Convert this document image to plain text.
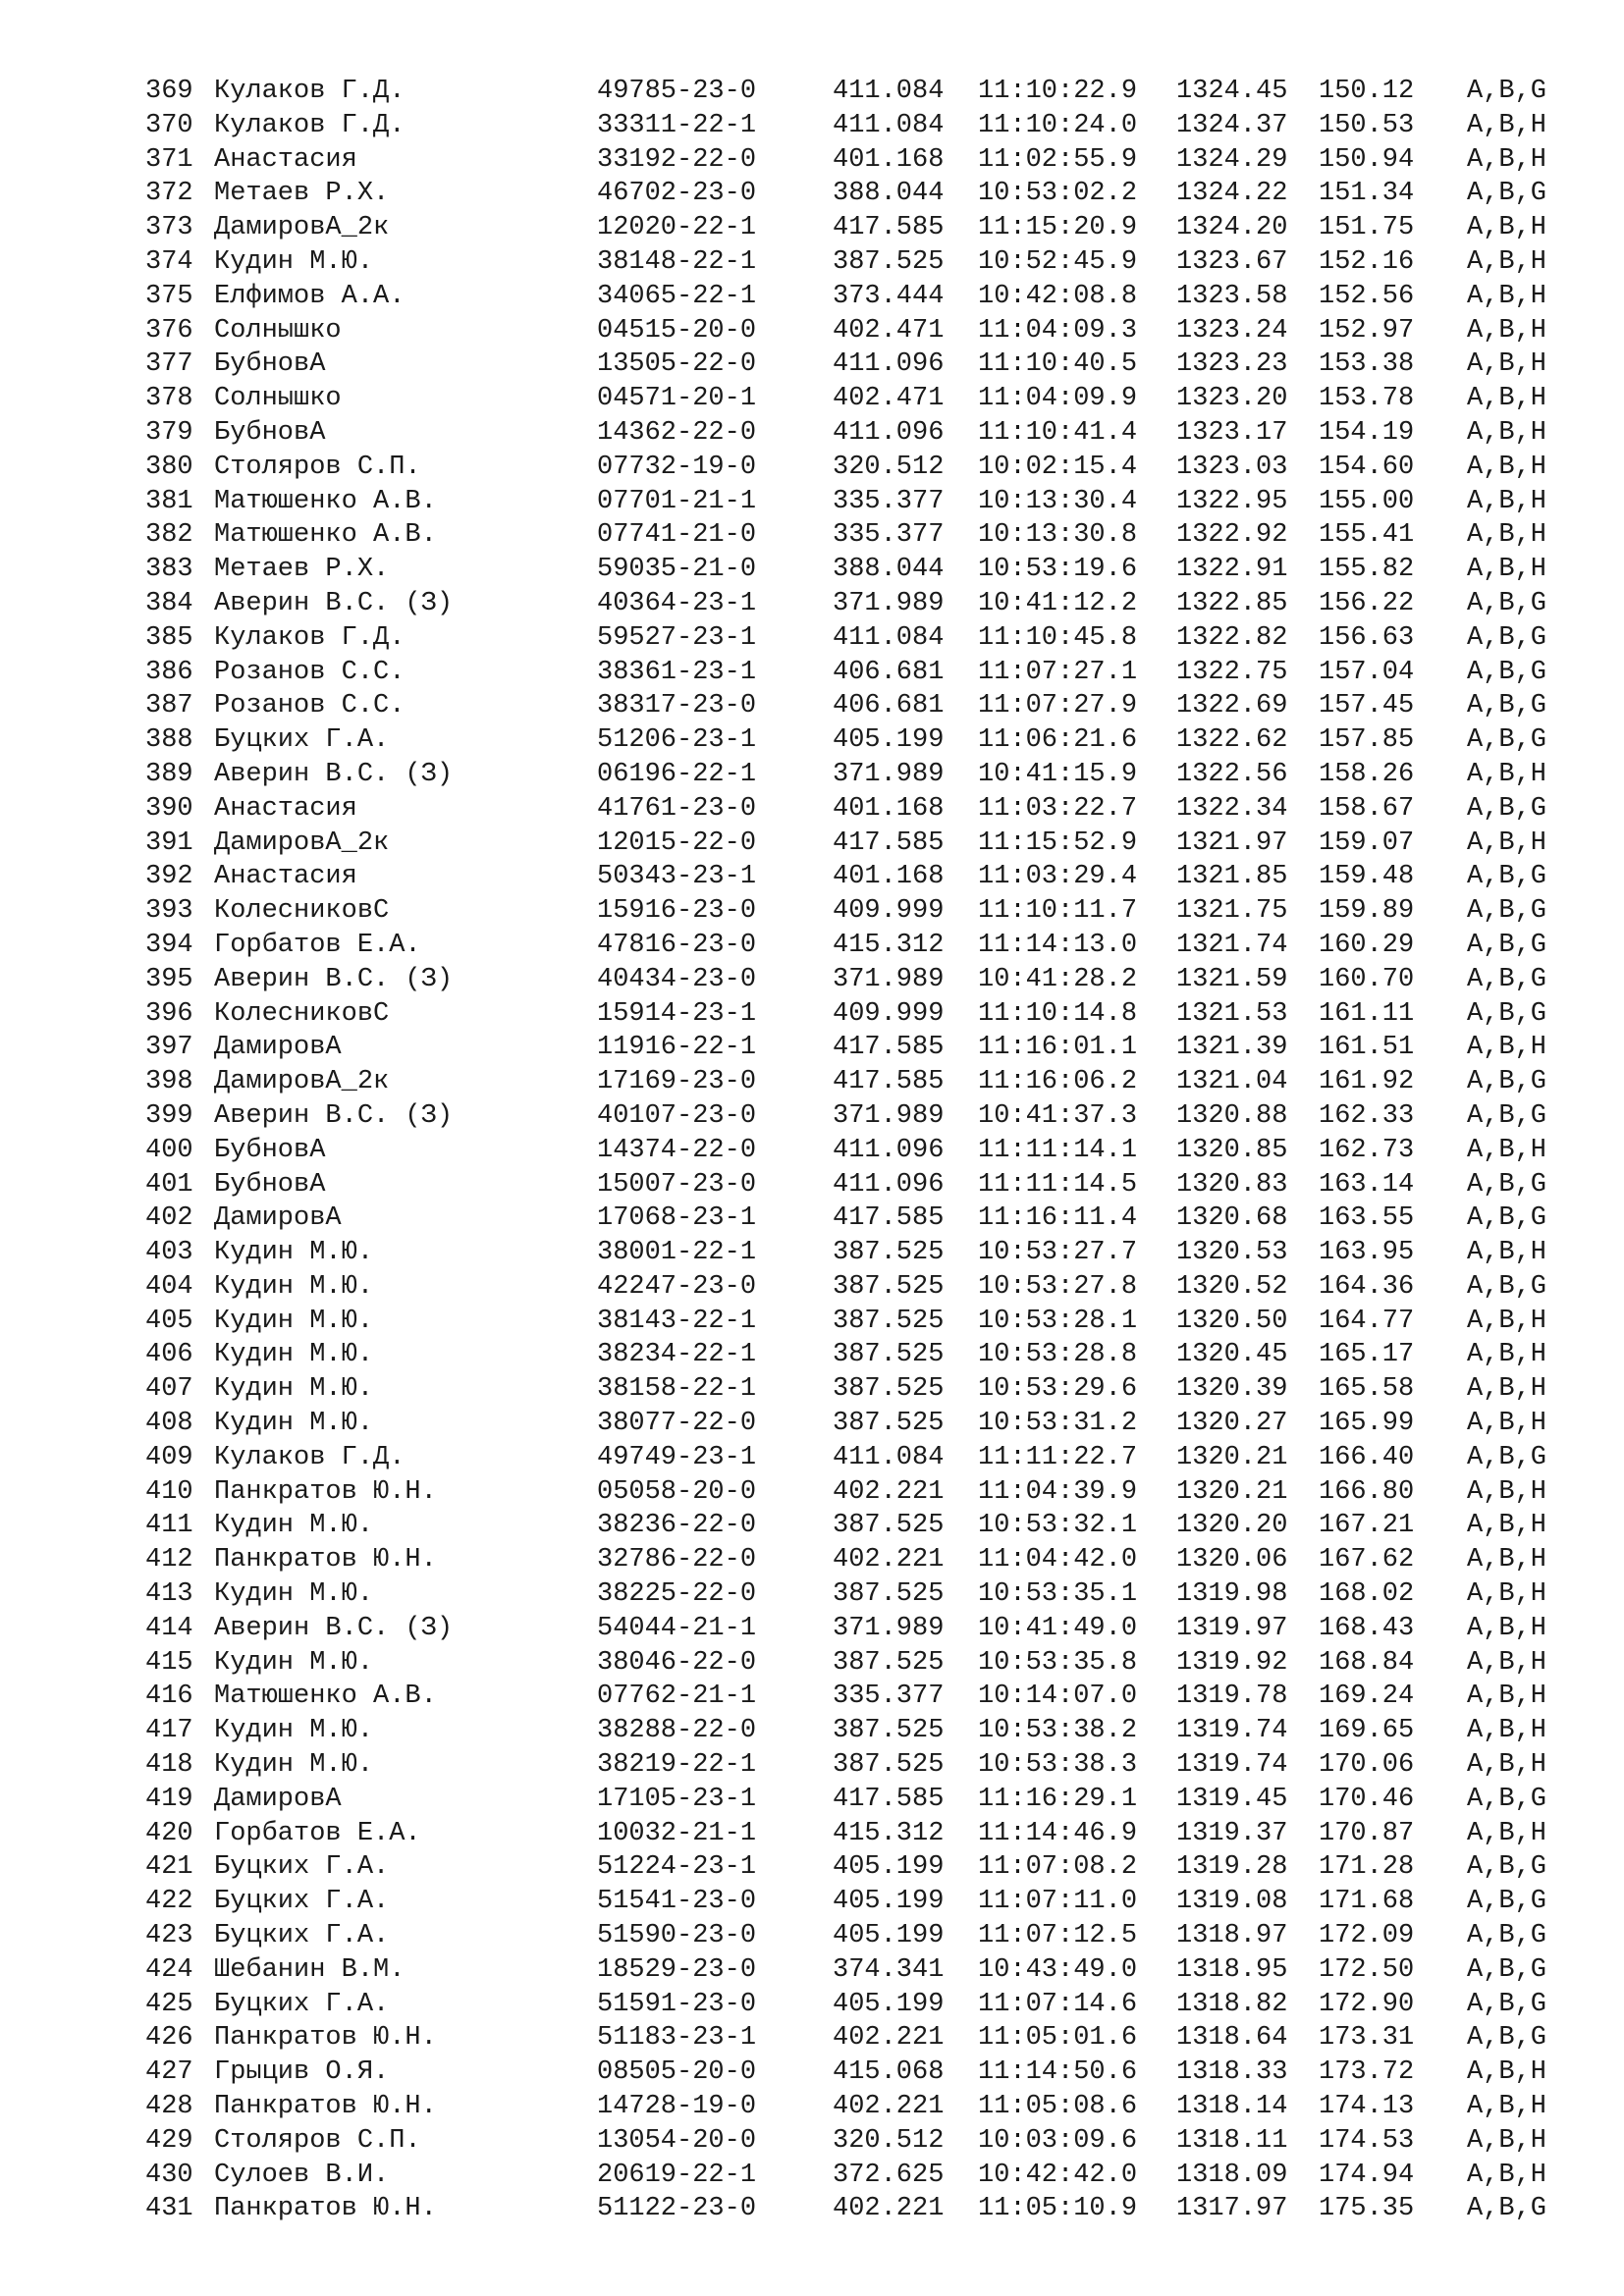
369 Кулаков Г.Д.	49785-23-0	411.084 11:10:22.9 1324.45 150.12 A,B,G
370 Кулаков Г.Д.	33311-22-1	411.084 11:10:24.0 1324.37 150.53 A,B,H
371 Анастасия	33192-22-0	401.168 11:02:55.9 1324.29 150.94 A,B,H
372 Метаев Р.Х.	46702-23-0	388.044 10:53:02.2 1324.22 151.34 A,B,G
373 ДамировА_2к	12020-22-1	417.585 11:15:20.9 1324.20 151.75 A,B,H
374 Кудин М.Ю.	38148-22-1	387.525 10:52:45.9 1323.67 152.16 A,B,H
375 Елфимов А.А.	34065-22-1	373.444 10:42:08.8 1323.58 152.56 A,B,H
376 Солнышко	04515-20-0	402.471 11:04:09.3 1323.24 152.97 A,B,H
377 БубновА	13505-22-0	411.096 11:10:40.5 1323.23 153.38 A,B,H
378 Солнышко	04571-20-1	402.471 11:04:09.9 1323.20 153.78 A,B,H
379 БубновА	14362-22-0	411.096 11:10:41.4 1323.17 154.19 A,B,H
380 Столяров С.П.	07732-19-0	320.512 10:02:15.4 1323.03 154.60 A,B,H
381 Матюшенко А.В.	07701-21-1	335.377 10:13:30.4 1322.95 155.00 A,B,H
382 Матюшенко А.В.	07741-21-0	335.377 10:13:30.8 1322.92 155.41 A,B,H
383 Метаев Р.Х.	59035-21-0	388.044 10:53:19.6 1322.91 155.82 A,B,H
384 Аверин В.С. (З)	40364-23-1	371.989 10:41:12.2 1322.85 156.22 A,B,G
385 Кулаков Г.Д.	59527-23-1	411.084 11:10:45.8 1322.82 156.63 A,B,G
386 Розанов С.С.	38361-23-1	406.681 11:07:27.1 1322.75 157.04 A,B,G
387 Розанов С.С.	38317-23-0	406.681 11:07:27.9 1322.69 157.45 A,B,G
388 Буцких Г.А.	51206-23-1	405.199 11:06:21.6 1322.62 157.85 A,B,G
389 Аверин В.С. (З)	06196-22-1	371.989 10:41:15.9 1322.56 158.26 A,B,H
390 Анастасия	41761-23-0	401.168 11:03:22.7 1322.34 158.67 A,B,G
391 ДамировА_2к	12015-22-0	417.585 11:15:52.9 1321.97 159.07 A,B,H
392 Анастасия	50343-23-1	401.168 11:03:29.4 1321.85 159.48 A,B,G
393 КолесниковС	15916-23-0	409.999 11:10:11.7 1321.75 159.89 A,B,G
394 Горбатов Е.А.	47816-23-0	415.312 11:14:13.0 1321.74 160.29 A,B,G
395 Аверин В.С. (З)	40434-23-0	371.989 10:41:28.2 1321.59 160.70 A,B,G
396 КолесниковС	15914-23-1	409.999 11:10:14.8 1321.53 161.11 A,B,G
397 ДамировА	11916-22-1	417.585 11:16:01.1 1321.39 161.51 A,B,H
398 ДамировА_2к	17169-23-0	417.585 11:16:06.2 1321.04 161.92 A,B,G
399 Аверин В.С. (З)	40107-23-0	371.989 10:41:37.3 1320.88 162.33 A,B,G
400 БубновА	14374-22-0	411.096 11:11:14.1 1320.85 162.73 A,B,H
401 БубновА	15007-23-0	411.096 11:11:14.5 1320.83 163.14 A,B,G
402 ДамировА	17068-23-1	417.585 11:16:11.4 1320.68 163.55 A,B,G
403 Кудин М.Ю.	38001-22-1	387.525 10:53:27.7 1320.53 163.95 A,B,H
404 Кудин М.Ю.	42247-23-0	387.525 10:53:27.8 1320.52 164.36 A,B,G
405 Кудин М.Ю.	38143-22-1	387.525 10:53:28.1 1320.50 164.77 A,B,H
406 Кудин М.Ю.	38234-22-1	387.525 10:53:28.8 1320.45 165.17 A,B,H
407 Кудин М.Ю.	38158-22-1	387.525 10:53:29.6 1320.39 165.58 A,B,H
408 Кудин М.Ю.	38077-22-0	387.525 10:53:31.2 1320.27 165.99 A,B,H
409 Кулаков Г.Д.	49749-23-1	411.084 11:11:22.7 1320.21 166.40 A,B,G
410 Панкратов Ю.Н.	05058-20-0	402.221 11:04:39.9 1320.21 166.80 A,B,H
411 Кудин М.Ю.	38236-22-0	387.525 10:53:32.1 1320.20 167.21 A,B,H
412 Панкратов Ю.Н.	32786-22-0	402.221 11:04:42.0 1320.06 167.62 A,B,H
413 Кудин М.Ю.	38225-22-0	387.525 10:53:35.1 1319.98 168.02 A,B,H
414 Аверин В.С. (З)	54044-21-1	371.989 10:41:49.0 1319.97 168.43 A,B,H
415 Кудин М.Ю.	38046-22-0	387.525 10:53:35.8 1319.92 168.84 A,B,H
416 Матюшенко А.В.	07762-21-1	335.377 10:14:07.0 1319.78 169.24 A,B,H
417 Кудин М.Ю.	38288-22-0	387.525 10:53:38.2 1319.74 169.65 A,B,H
418 Кудин М.Ю.	38219-22-1	387.525 10:53:38.3 1319.74 170.06 A,B,H
419 ДамировА	17105-23-1	417.585 11:16:29.1 1319.45 170.46 A,B,G
420 Горбатов Е.А.	10032-21-1	415.312 11:14:46.9 1319.37 170.87 A,B,H
421 Буцких Г.А.	51224-23-1	405.199 11:07:08.2 1319.28 171.28 A,B,G
422 Буцких Г.А.	51541-23-0	405.199 11:07:11.0 1319.08 171.68 A,B,G
423 Буцких Г.А.	51590-23-0	405.199 11:07:12.5 1318.97 172.09 A,B,G
424 Шебанин В.М.	18529-23-0	374.341 10:43:49.0 1318.95 172.50 A,B,G
425 Буцких Г.А.	51591-23-0	405.199 11:07:14.6 1318.82 172.90 A,B,G
426 Панкратов Ю.Н.	51183-23-1	402.221 11:05:01.6 1318.64 173.31 A,B,G
427 Грыцив О.Я.	08505-20-0	415.068 11:14:50.6 1318.33 173.72 A,B,H
428 Панкратов Ю.Н.	14728-19-0	402.221 11:05:08.6 1318.14 174.13 A,B,H
429 Столяров С.П.	13054-20-0	320.512 10:03:09.6 1318.11 174.53 A,B,H
430 Сулоев В.И.	20619-22-1	372.625 10:42:42.0 1318.09 174.94 A,B,H
431 Панкратов Ю.Н.	51122-23-0	402.221 11:05:10.9 1317.97 175.35 A,B,G
